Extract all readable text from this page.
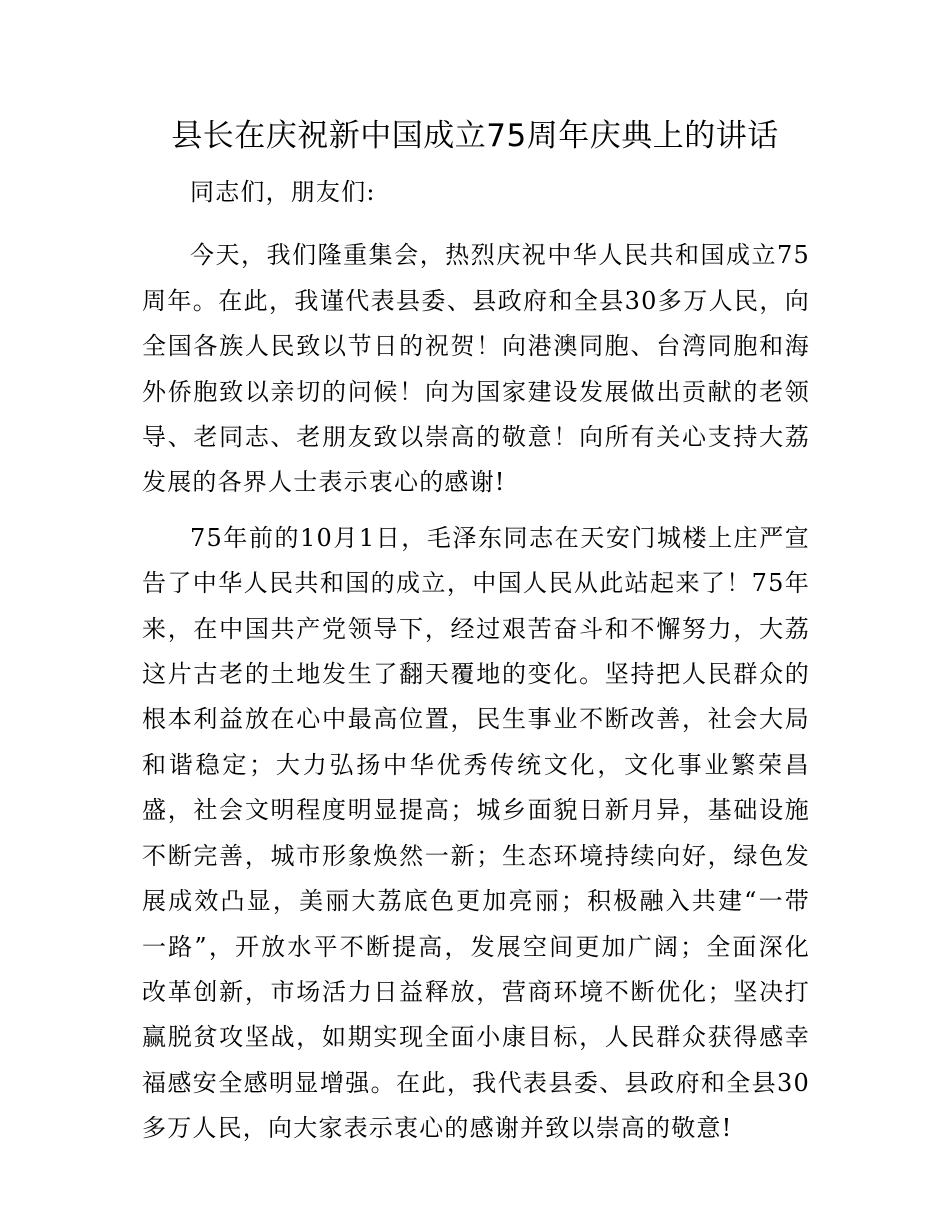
县长在庆祝新中国成立75周年庆典上的讲话

同志们，朋友们:

今天，我们隆重集会，热烈庆祝中华人民共和国成立75周年。在此，我谨代表县委、县政府和全县30多万人民，向全国各族人民致以节日的祝贺！向港澳同胞、台湾同胞和海外侨胞致以亲切的问候！向为国家建设发展做出贡献的老领导、老同志、老朋友致以崇高的敬意！向所有关心支持大荔发展的各界人士表示衷心的感谢!

75年前的10月1日，毛泽东同志在天安门城楼上庄严宣告了中华人民共和国的成立，中国人民从此站起来了！75年来，在中国共产党领导下，经过艰苦奋斗和不懈努力，大荔这片古老的土地发生了翻天覆地的变化。坚持把人民群众的根本利益放在心中最高位置，民生事业不断改善，社会大局和谐稳定；大力弘扬中华优秀传统文化，文化事业繁荣昌盛，社会文明程度明显提高；城乡面貌日新月异，基础设施不断完善，城市形象焕然一新；生态环境持续向好，绿色发展成效凸显，美丽大荔底色更加亮丽；积极融入共建“一带一路”，开放水平不断提高，发展空间更加广阔；全面深化改革创新，市场活力日益释放，营商环境不断优化；坚决打赢脱贫攻坚战，如期实现全面小康目标，人民群众获得感幸福感安全感明显增强。在此，我代表县委、县政府和全县30多万人民，向大家表示衷心的感谢并致以崇高的敬意!
